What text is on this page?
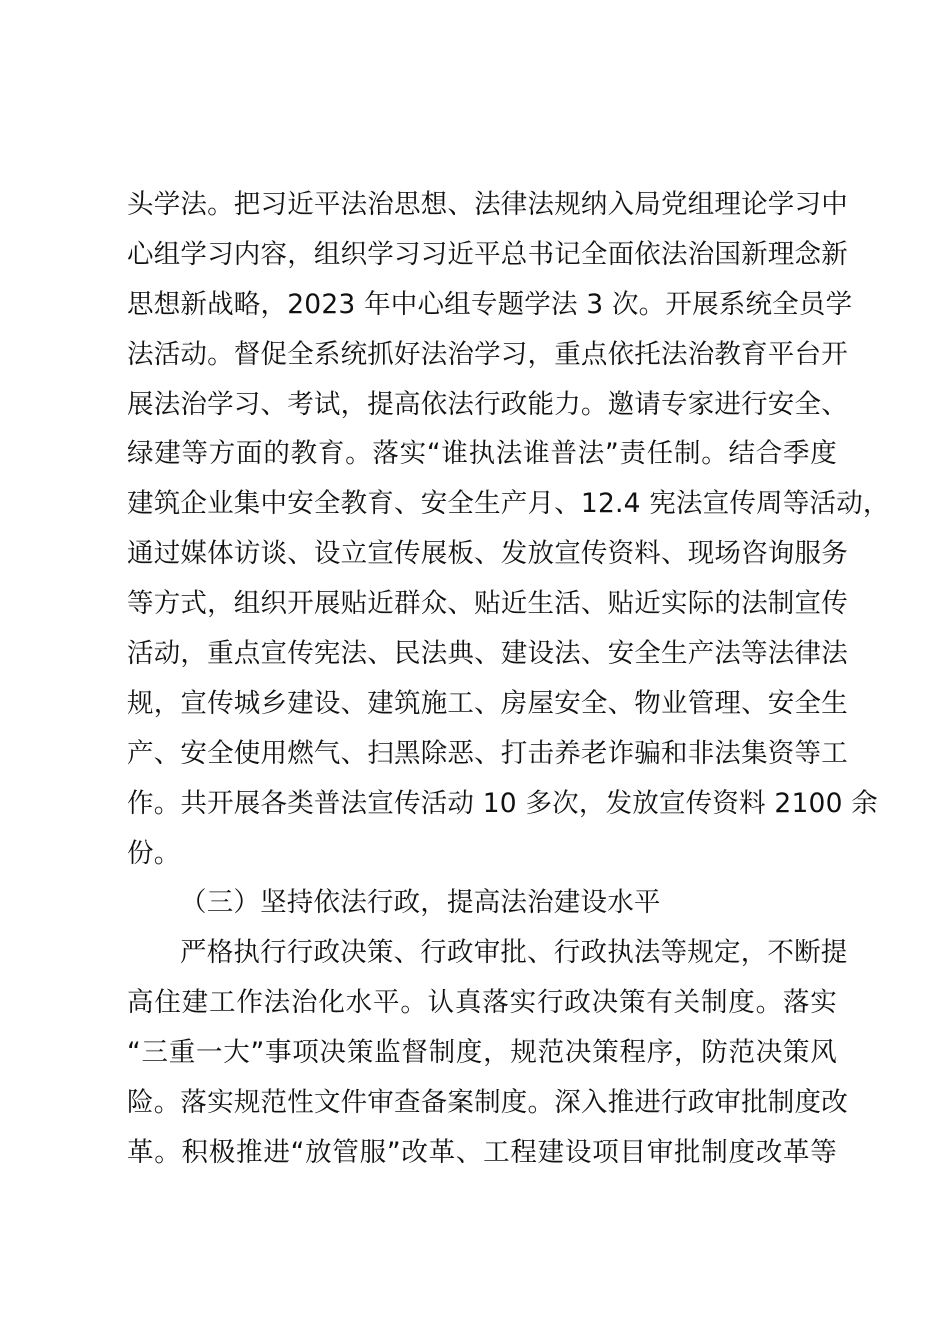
头学法。把习近平法治思想、法律法规纳入局党组理论学习中
心组学习内容，组织学习习近平总书记全面依法治国新理念新
思想新战略，2023 年中心组专题学法 3 次。开展系统全员学
法活动。督促全系统抓好法治学习，重点依托法治教育平台开
展法治学习、考试，提高依法行政能力。邀请专家进行安全、
绿建等方面的教育。落实“谁执法谁普法”责任制。结合季度
建筑企业集中安全教育、安全生产月、12.4 宪法宣传周等活动，
通过媒体访谈、设立宣传展板、发放宣传资料、现场咨询服务
等方式，组织开展贴近群众、贴近生活、贴近实际的法制宣传
活动，重点宣传宪法、民法典、建设法、安全生产法等法律法
规，宣传城乡建设、建筑施工、房屋安全、物业管理、安全生
产、安全使用燃气、扫黑除恶、打击养老诈骗和非法集资等工
作。共开展各类普法宣传活动 10 多次，发放宣传资料 2100 余
份。
（三）坚持依法行政，提高法治建设水平
严格执行行政决策、行政审批、行政执法等规定，不断提
高住建工作法治化水平。认真落实行政决策有关制度。落实
“三重一大”事项决策监督制度，规范决策程序，防范决策风
险。落实规范性文件审查备案制度。深入推进行政审批制度改
革。积极推进“放管服”改革、工程建设项目审批制度改革等
